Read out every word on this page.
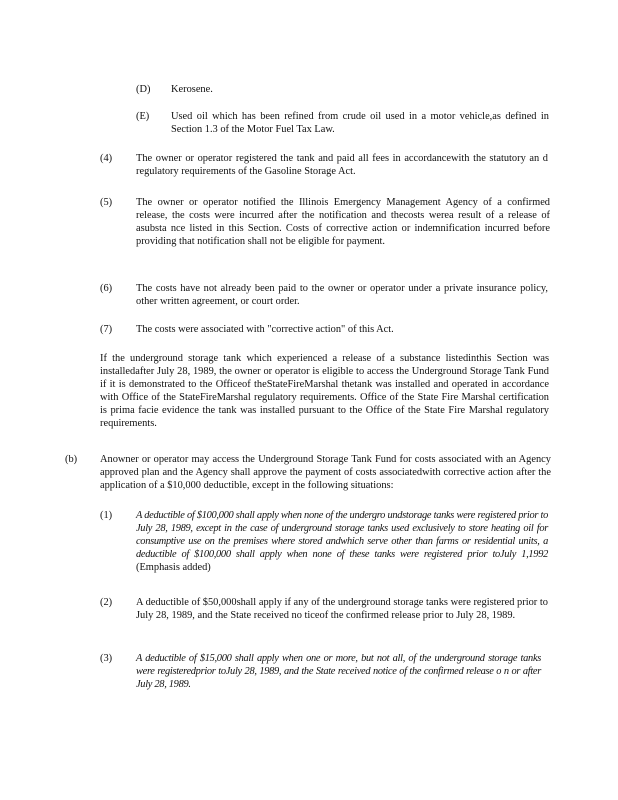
(D) Kerosene.
(E) Used oil which has been refined from crude oil used in a motor vehicle,as defined in Section 1.3 of the Motor Fuel Tax Law.
(4) The owner or operator registered the tank and paid all fees in accordancewith the statutory an d regulatory requirements of the Gasoline Storage Act.
(5) The owner or operator notified the Illinois Emergency Management Agency of a confirmed release, the costs were incurred after the notification and thecosts werea result of a release of asubsta nce listed in this Section. Costs of corrective action or indemnification incurred before providing that notification shall not be eligible for payment.
(6) The costs have not already been paid to the owner or operator under a private insurance policy, other written agreement, or court order.
(7) The costs were associated with "corrective action" of this Act.
If the underground storage tank which experienced a release of a substance listedinthis Section was installedafter July 28, 1989, the owner or operator is eligible to access the Underground Storage Tank Fund if it is demonstrated to the Officeof theStateFireMarshal thetank was installed and operated in accordance with Office of the StateFireMarshal regulatory requirements. Office of the State Fire Marshal certification is prima facie evidence the tank was installed pursuant to the Office of the State Fire Marshal regulatory requirements.
(b) Anowner or operator may access the Underground Storage Tank Fund for costs associated with an Agency approved plan and the Agency shall approve the payment of costs associatedwith corrective action after the application of a $10,000 deductible, except in the following situations:
(1) A deductible of $100,000 shall apply when none of the undergro undstorage tanks were registered prior to July 28, 1989, except in the case of underground storage tanks used exclusively to store heating oil for consumptive use on the premises where stored andwhich serve other than farms or residential units, a deductible of $100,000 shall apply when none of these tanks were registered prior toJuly 1,1992 (Emphasis added)
(2) A deductible of $50,000shall apply if any of the underground storage tanks were registered prior to July 28, 1989, and the State received no ticeof the confirmed release prior to July 28, 1989.
(3) A deductible of $15,000 shall apply when one or more, but not all, of the underground storage tanks were registeredprior toJuly 28, 1989, and the State received notice of the confirmed release o n or after July 28, 1989.
